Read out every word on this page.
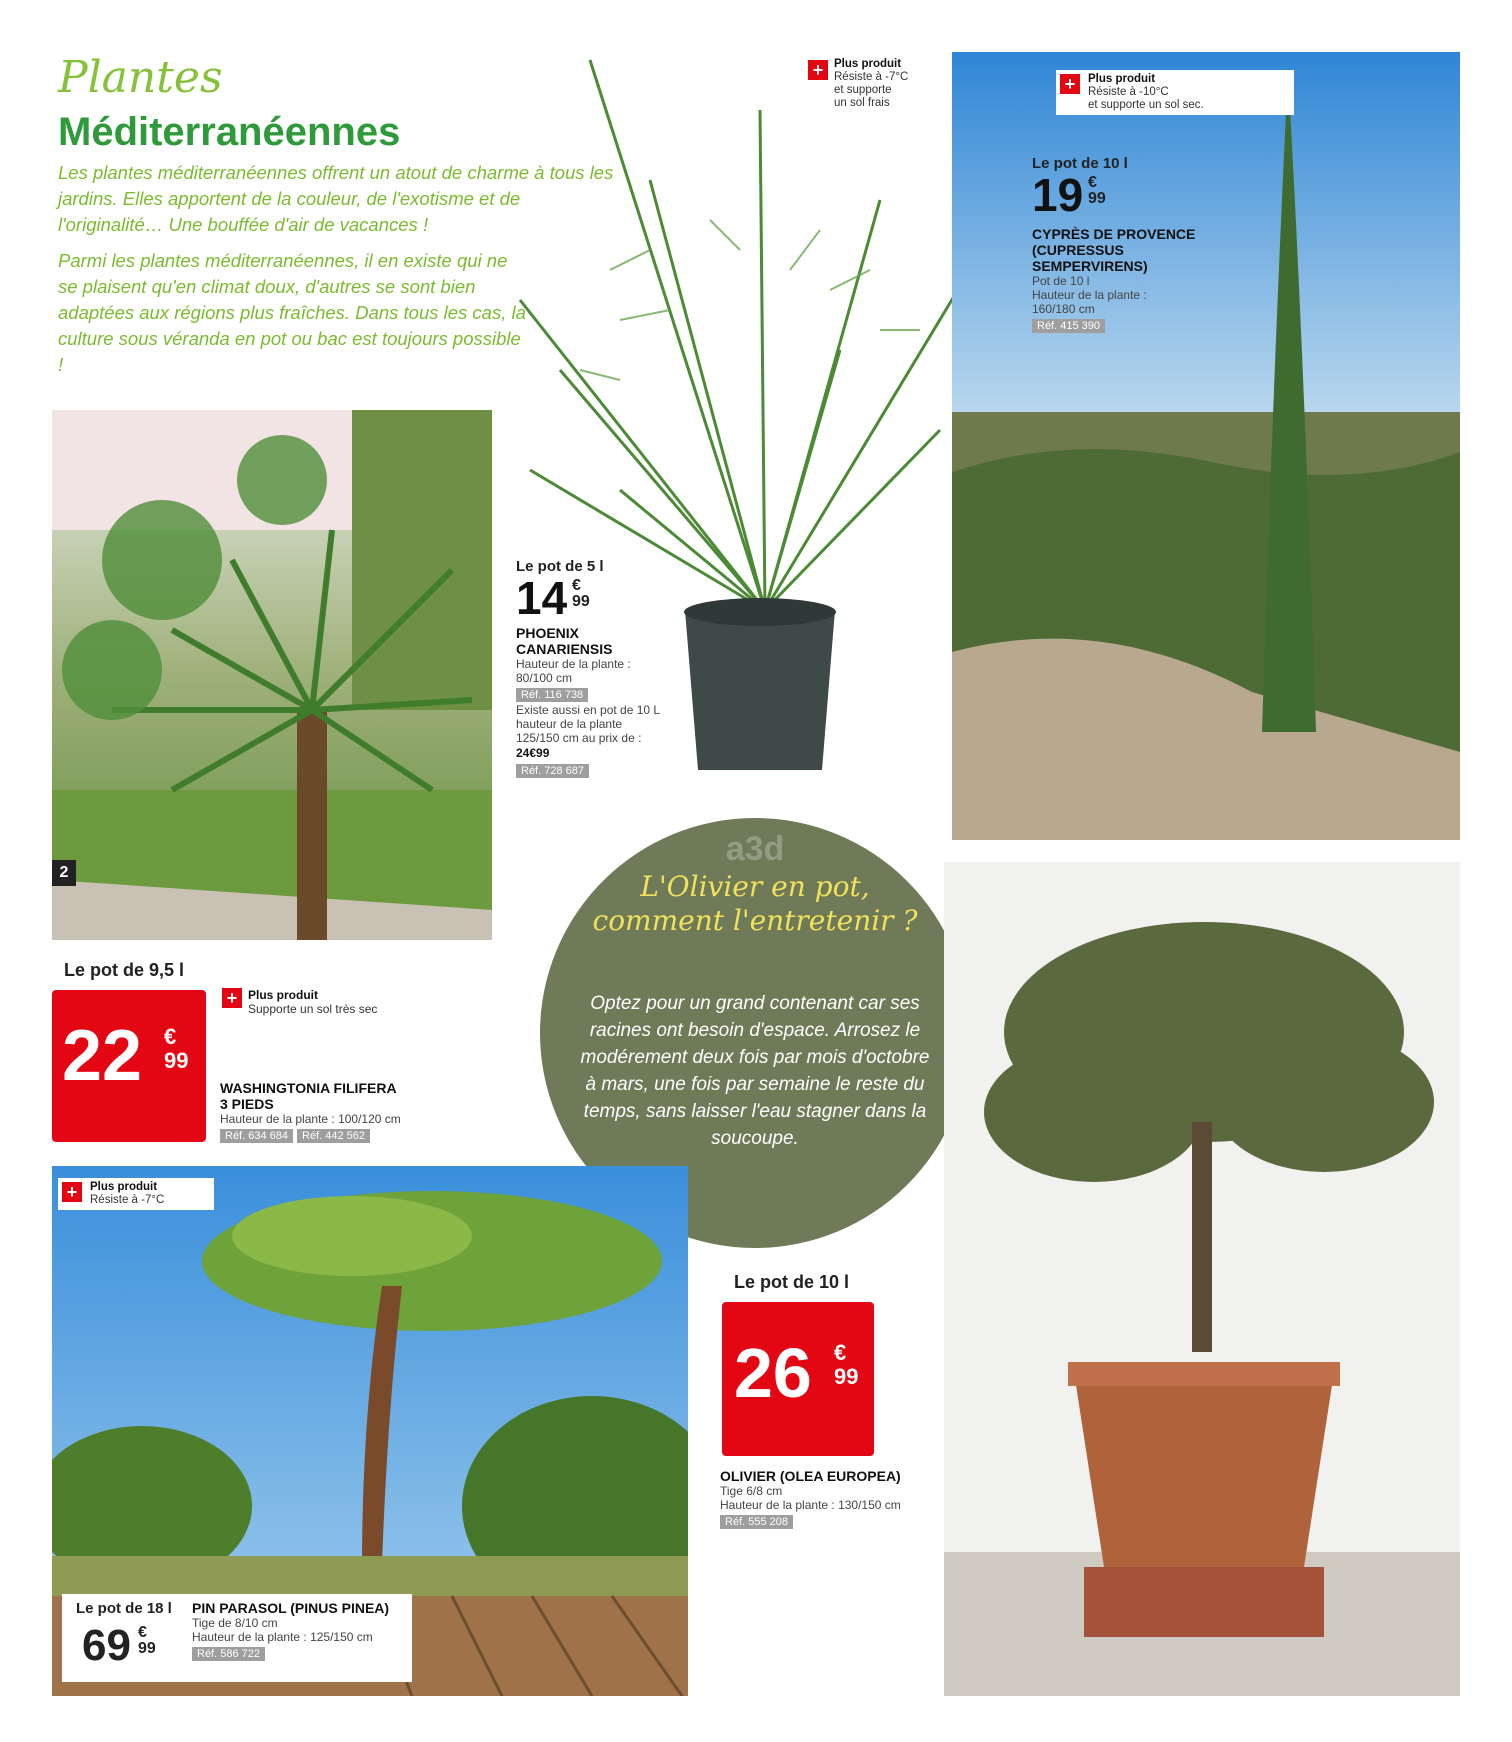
Plantes
Méditerranéennes

Les plantes méditerranéennes offrent un atout de charme à tous les jardins. Elles apportent de la couleur, de l'exotisme et de l'originalité… Une bouffée d'air de vacances !

Parmi les plantes méditerranéennes, il en existe qui ne se plaisent qu'en climat doux, d'autres se sont bien adaptées aux régions plus fraîches. Dans tous les cas, la culture sous véranda en pot ou bac est toujours possible !

2
+ Plus produit
Résiste à -7°C
et supporte
un sol frais
Le pot de 5 l
14 €
99
PHOENIX
CANARIENSIS
Hauteur de la plante :
80/100 cm
Réf. 116 738
Existe aussi en pot de 10 L
hauteur de la plante
125/150 cm au prix de :
24€99
Réf. 728 687
+	Plus produit
Résiste à -10°C
et supporte un sol sec.
Le pot de 10 l
19 €
99
CYPRÈS DE PROVENCE
(CUPRESSUS
SEMPERVIRENS)
Pot de 10 l
Hauteur de la plante :
160/180 cm
Réf. 415 390
Le pot de 9,5 l
22 €
99
+ Plus produit
Supporte un sol très sec
WASHINGTONIA FILIFERA
3 PIEDS
Hauteur de la plante : 100/120 cm
Réf. 634 684 Réf. 442 562
a3d
L'Olivier en pot,
comment l'entretenir ?
Optez pour un grand contenant car ses racines ont besoin d'espace. Arrosez le modérement deux fois par mois d'octobre à mars, une fois par semaine le reste du temps, sans laisser l'eau stagner dans la soucoupe.
+	Plus produit
Résiste à -7°C
Le pot de 18 l
69 €
99
PIN PARASOL (PINUS PINEA)
Tige de 8/10 cm
Hauteur de la plante : 125/150 cm
Réf. 586 722
Le pot de 10 l
26 €
99
OLIVIER (OLEA EUROPEA)
Tige 6/8 cm
Hauteur de la plante : 130/150 cm
Réf. 555 208
